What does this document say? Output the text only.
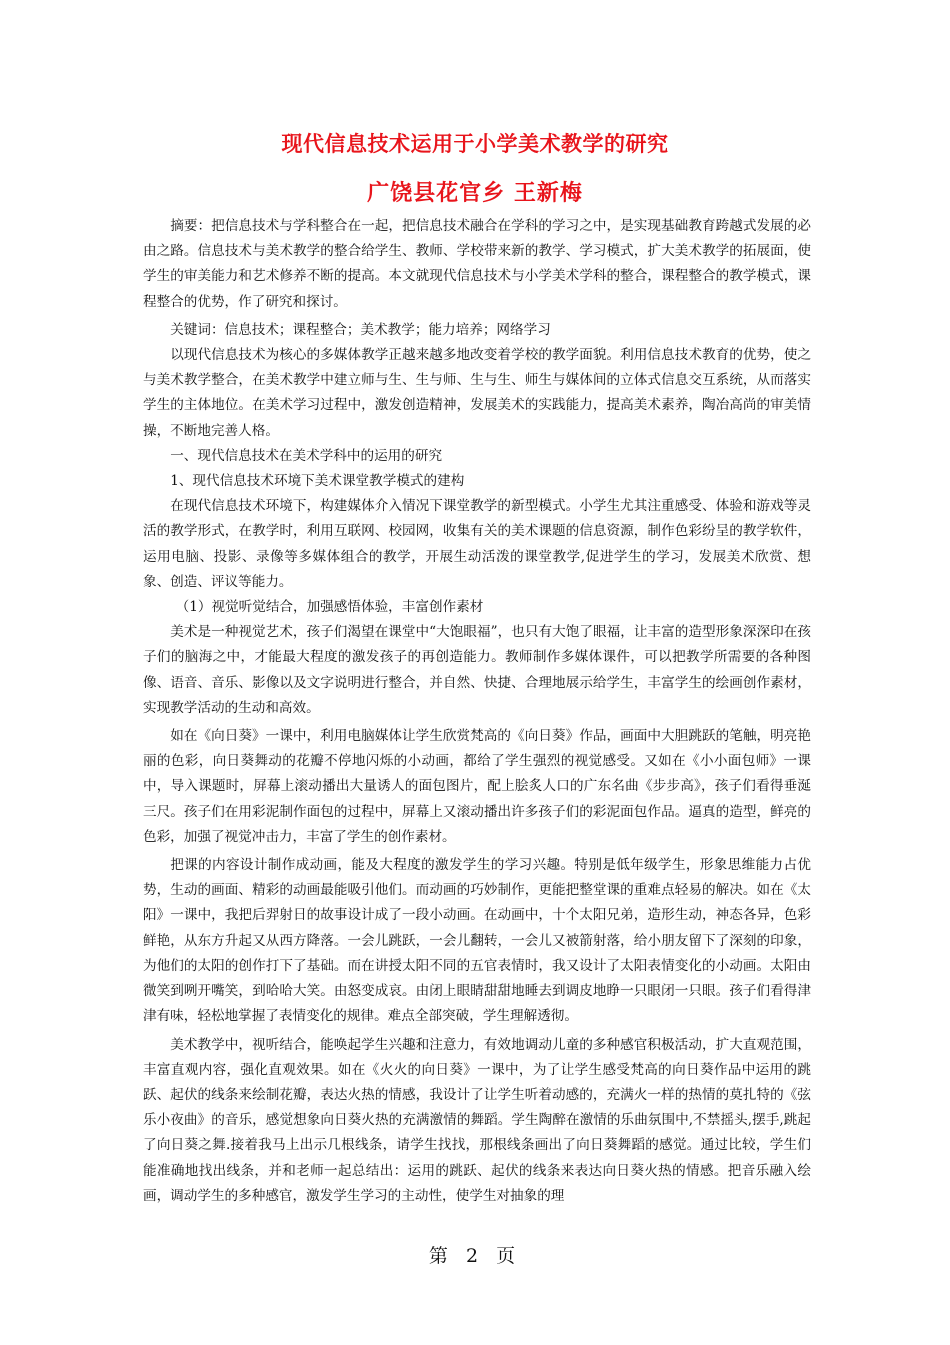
现代信息技术运用于小学美术教学的研究
广饶县花官乡 王新梅

摘要：把信息技术与学科整合在一起，把信息技术融合在学科的学习之中，是实现基础教育跨越式发展的必由之路。信息技术与美术教学的整合给学生、教师、学校带来新的教学、学习模式，扩大美术教学的拓展面，使学生的审美能力和艺术修养不断的提高。本文就现代信息技术与小学美术学科的整合，课程整合的教学模式，课程整合的优势，作了研究和探讨。

关键词：信息技术；课程整合；美术教学；能力培养；网络学习

以现代信息技术为核心的多媒体教学正越来越多地改变着学校的教学面貌。利用信息技术教育的优势，使之与美术教学整合，在美术教学中建立师与生、生与师、生与生、师生与媒体间的立体式信息交互系统，从而落实学生的主体地位。在美术学习过程中，激发创造精神，发展美术的实践能力，提高美术素养，陶冶高尚的审美情操，不断地完善人格。

一、现代信息技术在美术学科中的运用的研究

1、现代信息技术环境下美术课堂教学模式的建构

在现代信息技术环境下，构建媒体介入情况下课堂教学的新型模式。小学生尤其注重感受、体验和游戏等灵活的教学形式，在教学时，利用互联网、校园网，收集有关的美术课题的信息资源，制作色彩纷呈的教学软件，运用电脑、投影、录像等多媒体组合的教学，开展生动活泼的课堂教学,促进学生的学习，发展美术欣赏、想象、创造、评议等能力。

（1）视觉听觉结合，加强感悟体验，丰富创作素材

美术是一种视觉艺术，孩子们渴望在课堂中“大饱眼福”，也只有大饱了眼福，让丰富的造型形象深深印在孩子们的脑海之中，才能最大程度的激发孩子的再创造能力。教师制作多媒体课件，可以把教学所需要的各种图像、语音、音乐、影像以及文字说明进行整合，并自然、快捷、合理地展示给学生，丰富学生的绘画创作素材，实现教学活动的生动和高效。

如在《向日葵》一课中，利用电脑媒体让学生欣赏梵高的《向日葵》作品，画面中大胆跳跃的笔触，明亮艳丽的色彩，向日葵舞动的花瓣不停地闪烁的小动画，都给了学生强烈的视觉感受。又如在《小小面包师》一课中，导入课题时，屏幕上滚动播出大量诱人的面包图片，配上脍炙人口的广东名曲《步步高》，孩子们看得垂涎三尺。孩子们在用彩泥制作面包的过程中，屏幕上又滚动播出许多孩子们的彩泥面包作品。逼真的造型，鲜亮的色彩，加强了视觉冲击力，丰富了学生的创作素材。

把课的内容设计制作成动画，能及大程度的激发学生的学习兴趣。特别是低年级学生，形象思维能力占优势，生动的画面、精彩的动画最能吸引他们。而动画的巧妙制作，更能把整堂课的重难点轻易的解决。如在《太阳》一课中，我把后羿射日的故事设计成了一段小动画。在动画中，十个太阳兄弟，造形生动，神态各异，色彩鲜艳，从东方升起又从西方降落。一会儿跳跃，一会儿翻转，一会儿又被箭射落，给小朋友留下了深刻的印象，为他们的太阳的创作打下了基础。而在讲授太阳不同的五官表情时，我又设计了太阳表情变化的小动画。太阳由微笑到咧开嘴笑，到哈哈大笑。由怒变成哀。由闭上眼睛甜甜地睡去到调皮地睁一只眼闭一只眼。孩子们看得津津有味，轻松地掌握了表情变化的规律。难点全部突破，学生理解透彻。

美术教学中，视听结合，能唤起学生兴趣和注意力，有效地调动儿童的多种感官积极活动，扩大直观范围，丰富直观内容，强化直观效果。如在《火火的向日葵》一课中，为了让学生感受梵高的向日葵作品中运用的跳跃、起伏的线条来绘制花瓣，表达火热的情感，我设计了让学生听着动感的，充满火一样的热情的莫扎特的《弦乐小夜曲》的音乐，感觉想象向日葵火热的充满激情的舞蹈。学生陶醉在激情的乐曲氛围中,不禁摇头,摆手,跳起了向日葵之舞.接着我马上出示几根线条，请学生找找，那根线条画出了向日葵舞蹈的感觉。通过比较，学生们能准确地找出线条，并和老师一起总结出：运用的跳跃、起伏的线条来表达向日葵火热的情感。把音乐融入绘画，调动学生的多种感官，激发学生学习的主动性，使学生对抽象的理

第 2 页
